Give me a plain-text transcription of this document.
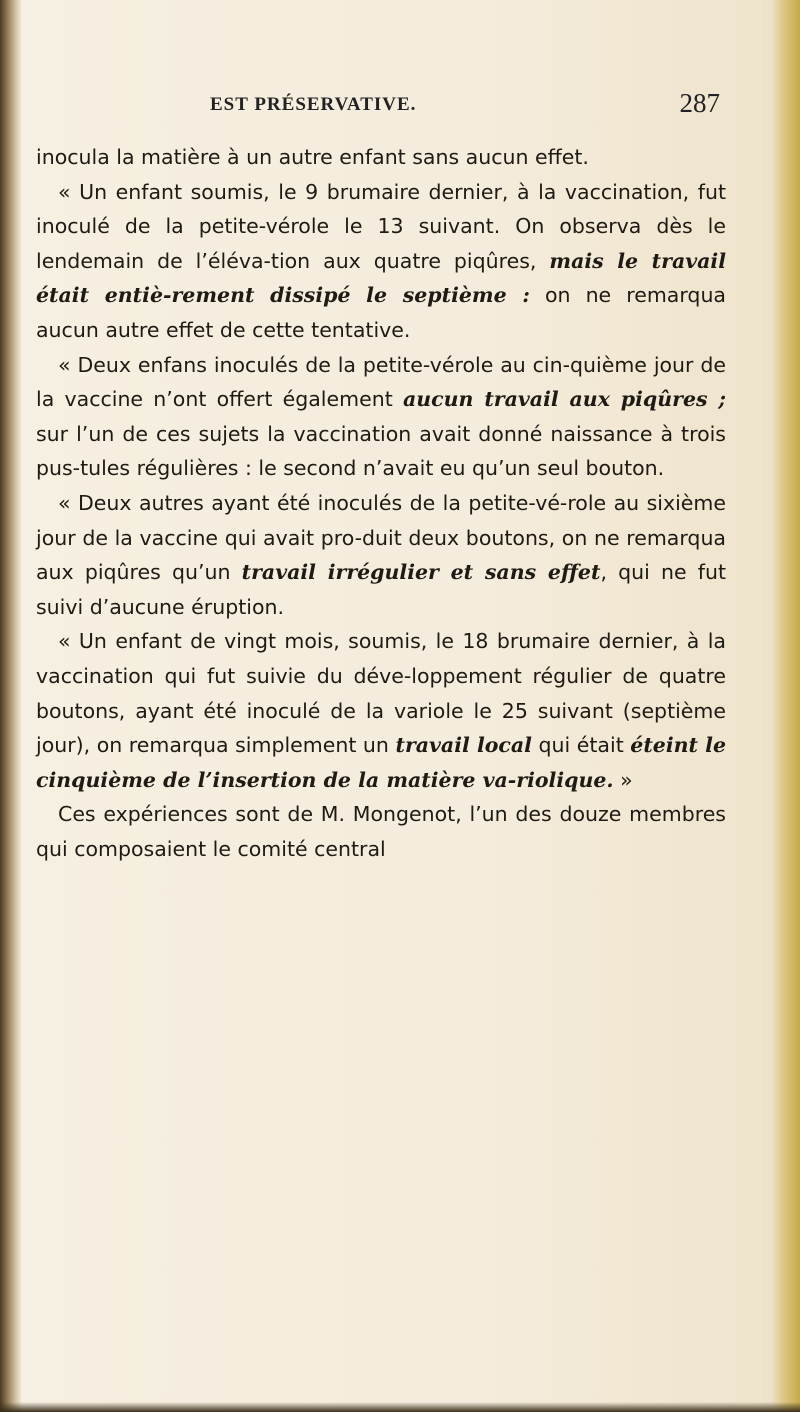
EST PRÉSERVATIVE.	287

inocula la matière à un autre enfant sans aucun effet.

« Un enfant soumis, le 9 brumaire dernier, à la vaccination, fut inoculé de la petite-vérole le 13 suivant. On observa dès le lendemain de l’éléva-tion aux quatre piqûres, mais le travail était entiè-rement dissipé le septième : on ne remarqua aucun autre effet de cette tentative.

« Deux enfans inoculés de la petite-vérole au cin-quième jour de la vaccine n’ont offert également aucun travail aux piqûres ; sur l’un de ces sujets la vaccination avait donné naissance à trois pus-tules régulières : le second n’avait eu qu’un seul bouton.

« Deux autres ayant été inoculés de la petite-vé-role au sixième jour de la vaccine qui avait pro-duit deux boutons, on ne remarqua aux piqûres qu’un travail irrégulier et sans effet, qui ne fut suivi d’aucune éruption.

« Un enfant de vingt mois, soumis, le 18 brumaire dernier, à la vaccination qui fut suivie du déve-loppement régulier de quatre boutons, ayant été inoculé de la variole le 25 suivant (septième jour), on remarqua simplement un travail local qui était éteint le cinquième de l’insertion de la matière va-riolique. »

Ces expériences sont de M. Mongenot, l’un des douze membres qui composaient le comité central
